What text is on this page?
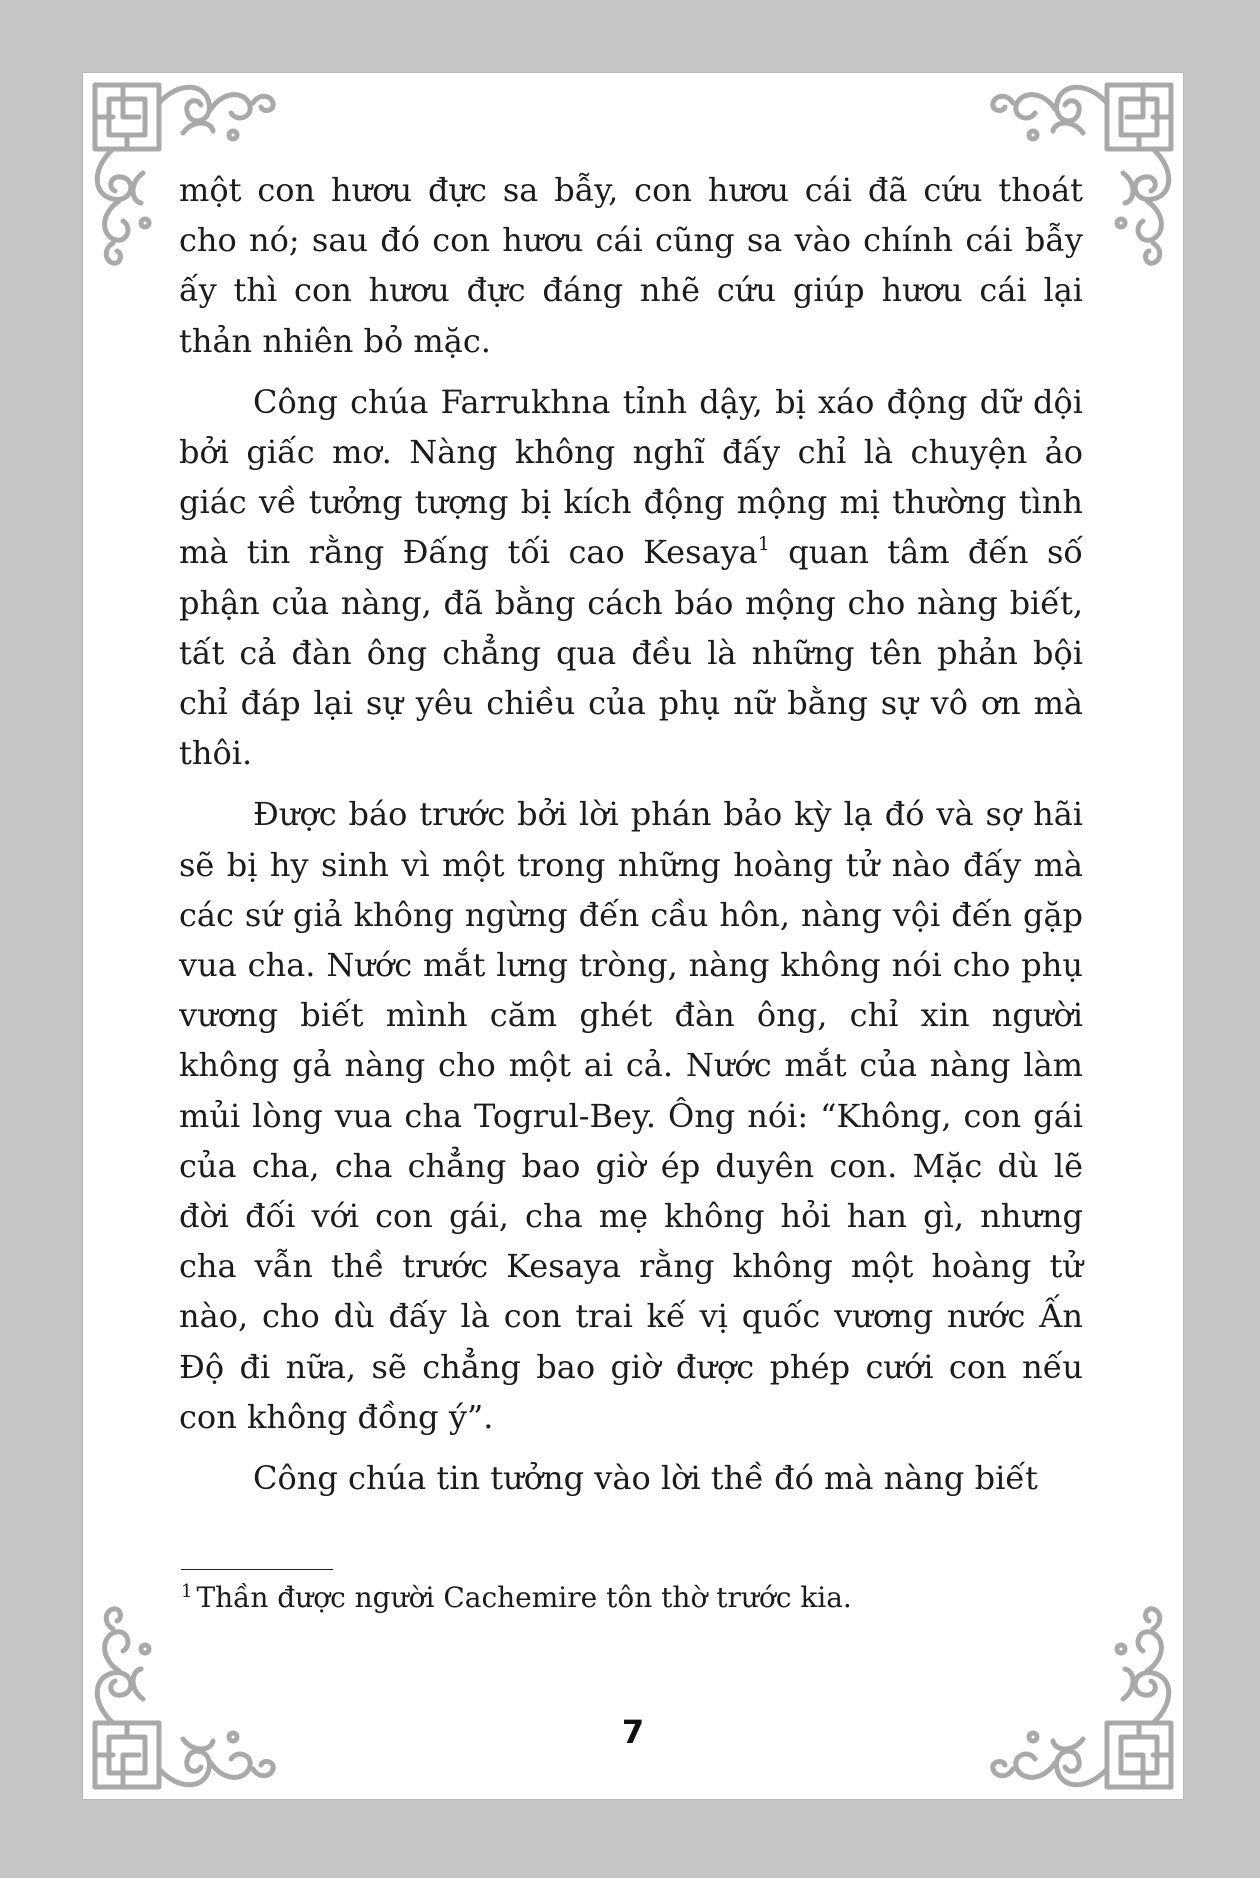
một con hươu đực sa bẫy, con hươu cái đã cứu thoát cho nó; sau đó con hươu cái cũng sa vào chính cái bẫy ấy thì con hươu đực đáng nhẽ cứu giúp hươu cái lại thản nhiên bỏ mặc.

Công chúa Farrukhna tỉnh dậy, bị xáo động dữ dội bởi giấc mơ. Nàng không nghĩ đấy chỉ là chuyện ảo giác về tưởng tượng bị kích động mộng mị thường tình mà tin rằng Đấng tối cao Kesaya$^1$ quan tâm đến số phận của nàng, đã bằng cách báo mộng cho nàng biết, tất cả đàn ông chẳng qua đều là những tên phản bội chỉ đáp lại sự yêu chiều của phụ nữ bằng sự vô ơn mà thôi.

Được báo trước bởi lời phán bảo kỳ lạ đó và sợ hãi sẽ bị hy sinh vì một trong những hoàng tử nào đấy mà các sứ giả không ngừng đến cầu hôn, nàng vội đến gặp vua cha. Nước mắt lưng tròng, nàng không nói cho phụ vương biết mình căm ghét đàn ông, chỉ xin người không gả nàng cho một ai cả. Nước mắt của nàng làm mủi lòng vua cha Togrul-Bey. Ông nói: “Không, con gái của cha, cha chẳng bao giờ ép duyên con. Mặc dù lẽ đời đối với con gái, cha mẹ không hỏi han gì, nhưng cha vẫn thề trước Kesaya rằng không một hoàng tử nào, cho dù đấy là con trai kế vị quốc vương nước Ấn Độ đi nữa, sẽ chẳng bao giờ được phép cưới con nếu con không đồng ý”.

Công chúa tin tưởng vào lời thề đó mà nàng biết

$^1$ Thần được người Cachemire tôn thờ trước kia.
7
